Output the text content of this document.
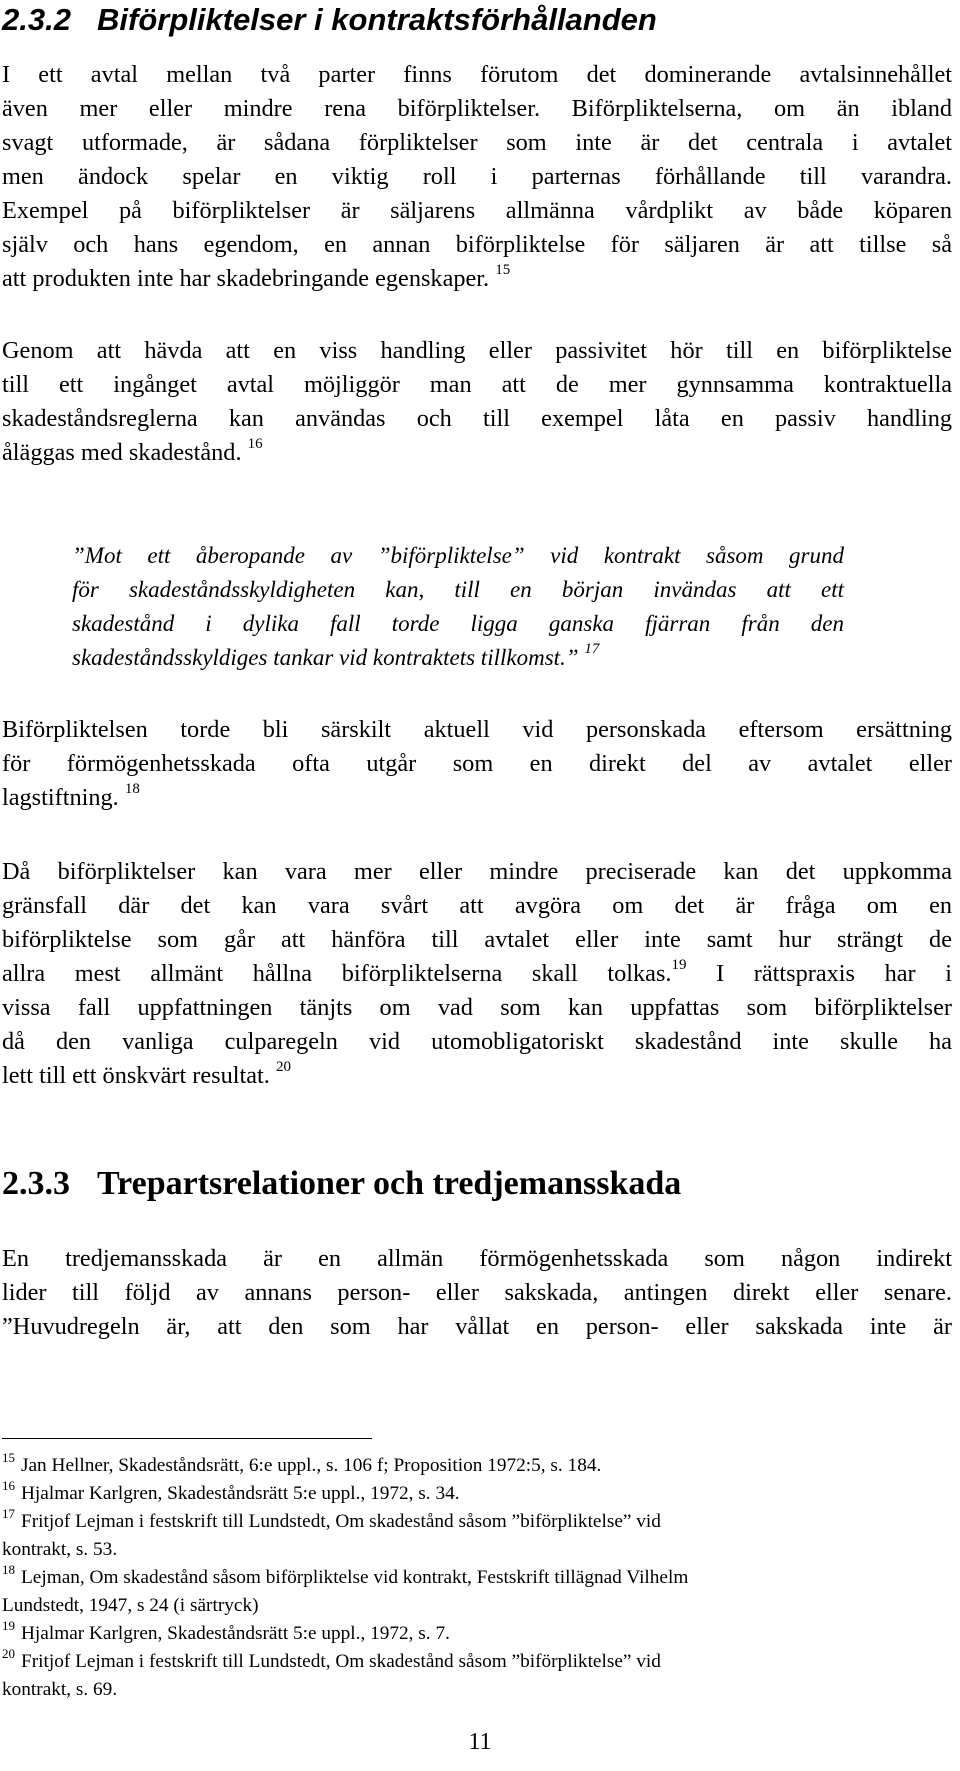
2.3.2 Biförpliktelser i kontraktsförhållanden

I ett avtal mellan två parter finns förutom det dominerande avtalsinnehållet
även mer eller mindre rena biförpliktelser. Biförpliktelserna, om än ibland
svagt utformade, är sådana förpliktelser som inte är det centrala i avtalet
men ändock spelar en viktig roll i parternas förhållande till varandra.
Exempel på biförpliktelser är säljarens allmänna vårdplikt av både köparen
själv och hans egendom, en annan biförpliktelse för säljaren är att tillse så
att produkten inte har skadebringande egenskaper. $^{15}$

Genom att hävda att en viss handling eller passivitet hör till en biförpliktelse
till ett ingånget avtal möjliggör man att de mer gynnsamma kontraktuella
skadeståndsreglerna kan användas och till exempel låta en passiv handling
åläggas med skadestånd. $^{16}$

”Mot ett åberopande av ”biförpliktelse” vid kontrakt såsom grund
för skadeståndsskyldigheten kan, till en början invändas att ett
skadestånd i dylika fall torde ligga ganska fjärran från den
skadeståndsskyldiges tankar vid kontraktets tillkomst.” $^{17}$

Biförpliktelsen torde bli särskilt aktuell vid personskada eftersom ersättning
för förmögenhetsskada ofta utgår som en direkt del av avtalet eller
lagstiftning. $^{18}$

Då biförpliktelser kan vara mer eller mindre preciserade kan det uppkomma
gränsfall där det kan vara svårt att avgöra om det är fråga om en
biförpliktelse som går att hänföra till avtalet eller inte samt hur strängt de
allra mest allmänt hållna biförpliktelserna skall tolkas.$^{19}$ I rättspraxis har i
vissa fall uppfattningen tänjts om vad som kan uppfattas som biförpliktelser
då den vanliga culparegeln vid utomobligatoriskt skadestånd inte skulle ha
lett till ett önskvärt resultat. $^{20}$

2.3.3 Trepartsrelationer och tredjemansskada

En tredjemansskada är en allmän förmögenhetsskada som någon indirekt
lider till följd av annans person- eller sakskada, antingen direkt eller senare.
”Huvudregeln är, att den som har vållat en person- eller sakskada inte är

$^{15}$ Jan Hellner, Skadeståndsrätt, 6:e uppl., s. 106 f; Proposition 1972:5, s. 184.
$^{16}$ Hjalmar Karlgren, Skadeståndsrätt 5:e uppl., 1972, s. 34.
$^{17}$ Fritjof Lejman i festskrift till Lundstedt, Om skadestånd såsom ”biförpliktelse” vid
kontrakt, s. 53.
$^{18}$ Lejman, Om skadestånd såsom biförpliktelse vid kontrakt, Festskrift tillägnad Vilhelm
Lundstedt, 1947, s 24 (i särtryck)
$^{19}$ Hjalmar Karlgren, Skadeståndsrätt 5:e uppl., 1972, s. 7.
$^{20}$ Fritjof Lejman i festskrift till Lundstedt, Om skadestånd såsom ”biförpliktelse” vid
kontrakt, s. 69.

11
